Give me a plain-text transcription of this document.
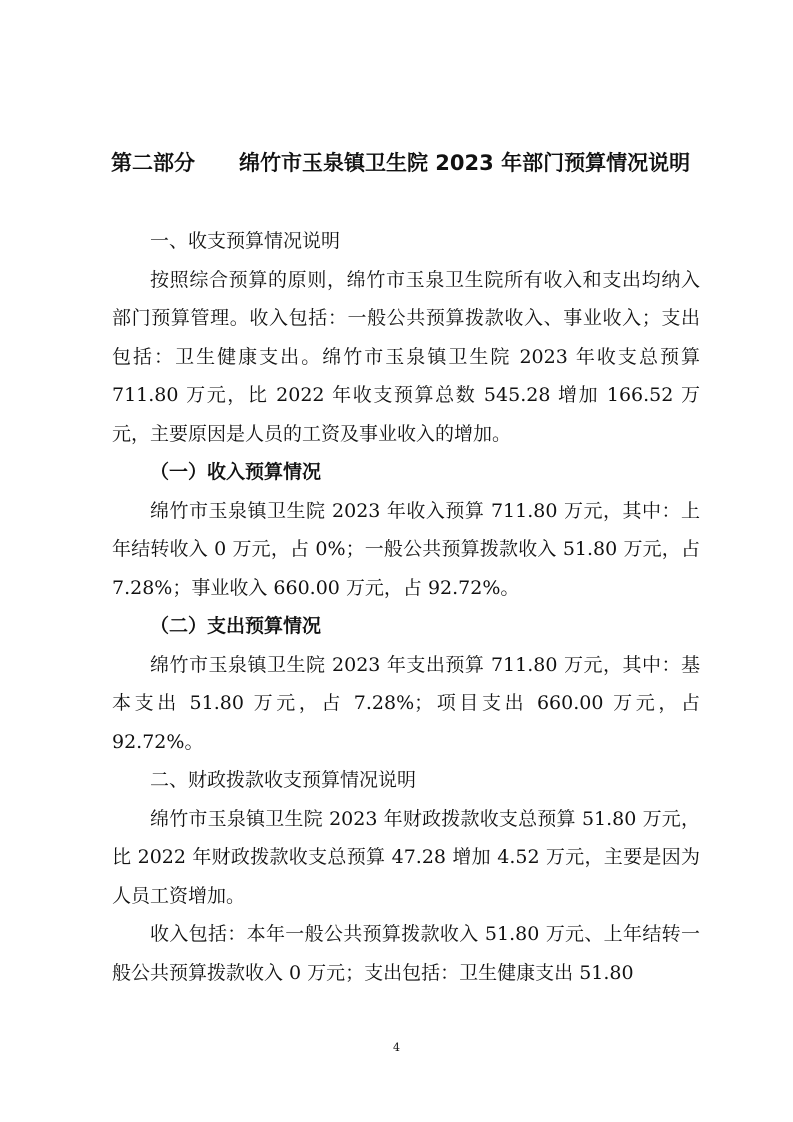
第二部分 绵竹市玉泉镇卫生院 2023 年部门预算情况说明

一、收支预算情况说明

按照综合预算的原则，绵竹市玉泉卫生院所有收入和支出均纳入部门预算管理。收入包括：一般公共预算拨款收入、事业收入；支出包括：卫生健康支出。绵竹市玉泉镇卫生院 2023 年收支总预算 711.80 万元，比 2022 年收支预算总数 545.28 增加 166.52 万元，主要原因是人员的工资及事业收入的增加。

（一）收入预算情况

绵竹市玉泉镇卫生院 2023 年收入预算 711.80 万元，其中：上年结转收入 0 万元，占 0%；一般公共预算拨款收入 51.80 万元，占 7.28%；事业收入 660.00 万元，占 92.72%。

（二）支出预算情况

绵竹市玉泉镇卫生院 2023 年支出预算 711.80 万元，其中：基本支出 51.80 万元，占 7.28%；项目支出 660.00 万元，占 92.72%。

二、财政拨款收支预算情况说明

绵竹市玉泉镇卫生院 2023 年财政拨款收支总预算 51.80 万元，比 2022 年财政拨款收支总预算 47.28 增加 4.52 万元，主要是因为人员工资增加。

收入包括：本年一般公共预算拨款收入 51.80 万元、上年结转一般公共预算拨款收入 0 万元；支出包括：卫生健康支出 51.80

4
